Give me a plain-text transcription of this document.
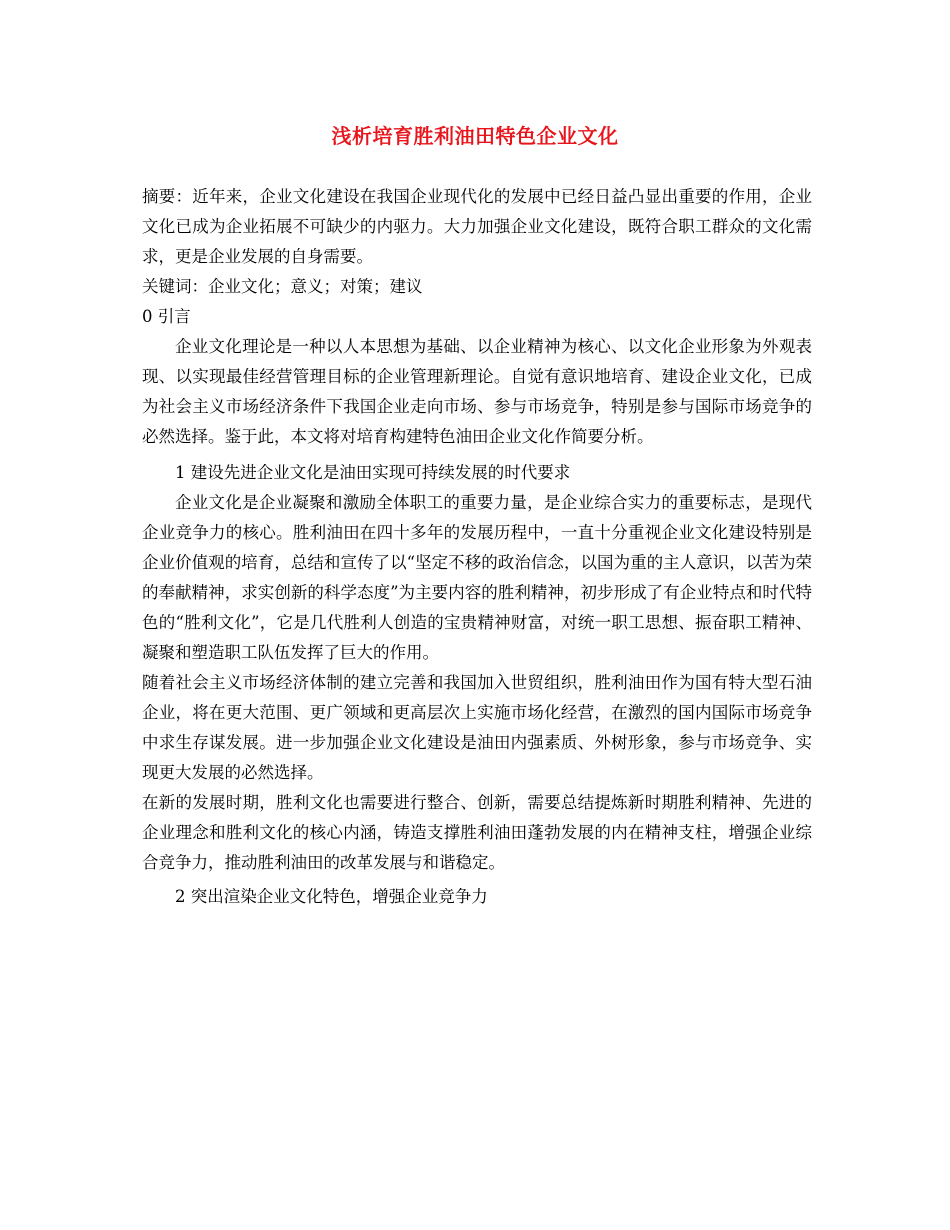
浅析培育胜利油田特色企业文化

摘要：近年来，企业文化建设在我国企业现代化的发展中已经日益凸显出重要的作用，企业文化已成为企业拓展不可缺少的内驱力。大力加强企业文化建设，既符合职工群众的文化需求，更是企业发展的自身需要。

关键词：企业文化；意义；对策；建议

0 引言

企业文化理论是一种以人本思想为基础、以企业精神为核心、以文化企业形象为外观表现、以实现最佳经营管理目标的企业管理新理论。自觉有意识地培育、建设企业文化，已成为社会主义市场经济条件下我国企业走向市场、参与市场竞争，特别是参与国际市场竞争的必然选择。鉴于此，本文将对培育构建特色油田企业文化作简要分析。

1 建设先进企业文化是油田实现可持续发展的时代要求

企业文化是企业凝聚和激励全体职工的重要力量，是企业综合实力的重要标志，是现代企业竞争力的核心。胜利油田在四十多年的发展历程中，一直十分重视企业文化建设特别是企业价值观的培育，总结和宣传了以“坚定不移的政治信念，以国为重的主人意识，以苦为荣的奉献精神，求实创新的科学态度”为主要内容的胜利精神，初步形成了有企业特点和时代特色的“胜利文化”，它是几代胜利人创造的宝贵精神财富，对统一职工思想、振奋职工精神、凝聚和塑造职工队伍发挥了巨大的作用。

随着社会主义市场经济体制的建立完善和我国加入世贸组织，胜利油田作为国有特大型石油企业，将在更大范围、更广领域和更高层次上实施市场化经营，在激烈的国内国际市场竞争中求生存谋发展。进一步加强企业文化建设是油田内强素质、外树形象，参与市场竞争、实现更大发展的必然选择。

在新的发展时期，胜利文化也需要进行整合、创新，需要总结提炼新时期胜利精神、先进的企业理念和胜利文化的核心内涵，铸造支撑胜利油田蓬勃发展的内在精神支柱，增强企业综合竞争力，推动胜利油田的改革发展与和谐稳定。

2 突出渲染企业文化特色，增强企业竞争力
